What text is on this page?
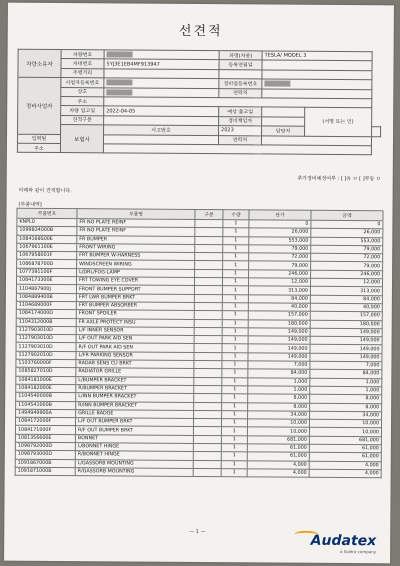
선견적
차량소유자	차량번호		차명(차종)	TESLA/ MODEL 3		
	차대번호	5YJ3E1EB4MF913947	등록연월일			
	주행거리					
정비사업자	사업자등록번호		정비업등록번호			
	상호		연락처			
	주소					
	차량 입고일	2022-04-05	예상 출고일		(서명 또는 인)	
	견적구분		정비책임자			
	보험사	사고번호	2023	담당자		
입력팀			연락처			
주소						
추가정비예정여부 : [ ]유 ㅁ [ ]무등 ㅁ
아래와 같이 견적합니다.
[부품내역]
부품번호	부품명	구분	수량	단가	금액
KNPL0	FR NO PLATE REINF		1	0	0
1099834000B	FR NO PLATE REINF		1	26,000	26,000
1084168S00E	FR BUMPER		1	553,000	553,000
1067961100E	FRONT WIRING		1	79,000	79,000
1067958001F	FRT BUMPER W-HARNESS		1	72,000	72,000
1086878700D	WINDSCREEN WIRING		1	79,000	79,000
1077391100F	L/DRL/FOG-LAMP		1	246,000	246,000
1084173300E	FRT TOWING EYE COVER		1	12,000	12,000
1104867900J	FRONT BUMPER SUPPORT		1	313,000	313,000
1084889400B	FRT LWR BUMPER BRKT		1	84,000	84,000
1104689000F	FRT BUMPER ABSORBER		1	40,000	40,000
1084174000D	FRONT SPOILER		1	157,000	157,000
1104312000B	FR AXLE PROTECT INSU		1	180,000	180,000
1127903010D	L/F INNER SENSOR		1	149,000	149,000
1127903010D	L/F OUT PARK AID SEN		1	149,000	149,000
1127903010D	R/F OUT PARK AID SEN		1	149,000	149,000
1127902010D	L/FR PARKING SENSOR		1	149,000	149,000
1103760000F	RADAR SENS CU BRKT		1	7,000	7,000
1085827010D	RADIATOR GRILLE		1	84,000	84,000
1084181000E	L/BUMPER BRACKET		1	1,000	1,000
1084182000E	R/BUMPER BRACKET		1	1,000	1,000
1104540000B	L/INN BUMPER BRACKET		1	8,000	8,000
1104541000B	R/INN BUMPER BRACKET		1	8,000	8,000
1494949900A	GRILLE BADGE		1	34,000	34,000
1084172000F	L/F OUT BUMPER BRKT		1	10,000	10,000
1084171000F	R/F OUT BUMPER BRKT		1	10,000	10,000
1081356600E	BONNET		1	681,000	681,000
1098792000D	L/BONNET HINGE		1	61,000	61,000
1098793000D	R/BONNET HINGE		1	61,000	61,000
1091867000B	L/GASSORB MOUNTING		1	4,000	4,000
1091871000B	R/GASSORB MOUNTING		1	4,000	4,000
— 1 —
Audatex
a Solera company
